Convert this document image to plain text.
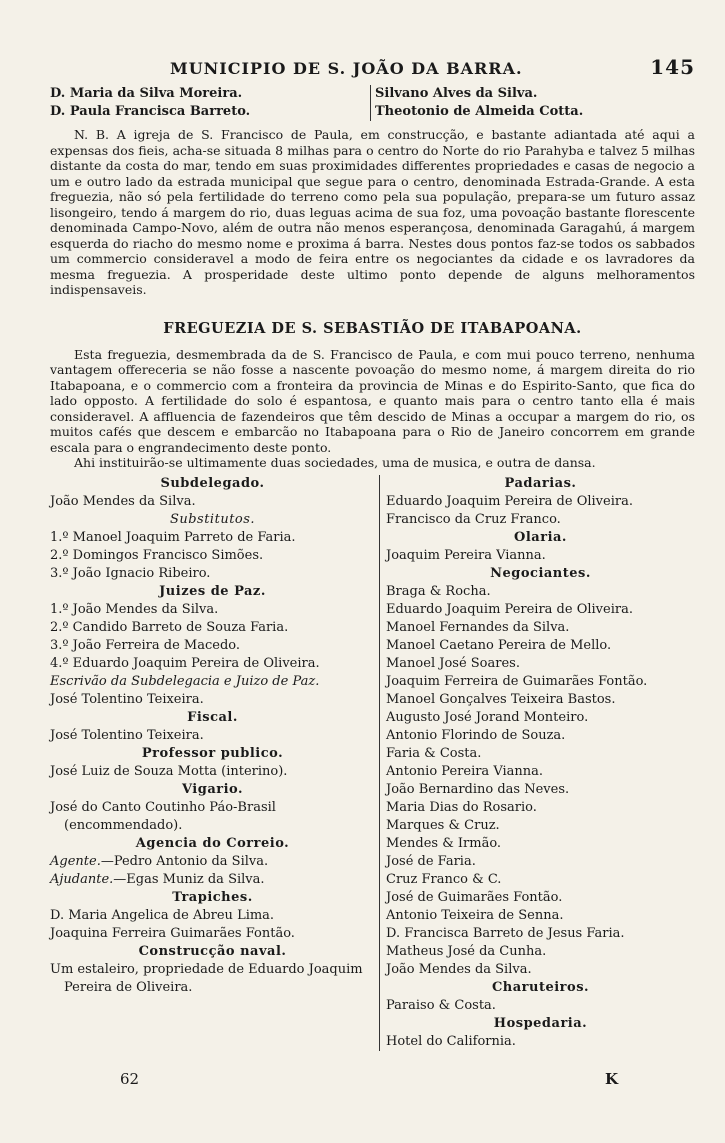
MUNICIPIO DE S. JOÃO DA BARRA.	145
D. Maria da Silva Moreira.
D. Paula Francisca Barreto.
Silvano Alves da Silva.
Theotonio de Almeida Cotta.

N. B. A igreja de S. Francisco de Paula, em construcção, e bastante adiantada até aqui a expensas dos fieis, acha-se situada 8 milhas para o centro do Norte do rio Parahyba e talvez 5 milhas distante da costa do mar, tendo em suas proximidades differentes propriedades e casas de negocio a um e outro lado da estrada municipal que segue para o centro, denominada Estrada-Grande. A esta freguezia, não só pela fertilidade do terreno como pela sua população, prepara-se um futuro assaz lisongeiro, tendo á margem do rio, duas leguas acima de sua foz, uma povoação bastante florescente denominada Campo-Novo, além de outra não menos esperançosa, denominada Garagahú, á margem esquerda do riacho do mesmo nome e proxima á barra. Nestes dous pontos faz-se todos os sabbados um commercio consideravel a modo de feira entre os negociantes da cidade e os lavradores da mesma freguezia. A prosperidade deste ultimo ponto depende de alguns melhoramentos indispensaveis.

FREGUEZIA DE S. SEBASTIÃO DE ITABAPOANA.

Esta freguezia, desmembrada da de S. Francisco de Paula, e com mui pouco terreno, nenhuma vantagem offereceria se não fosse a nascente povoação do mesmo nome, á margem direita do rio Itabapoana, e o commercio com a fronteira da provincia de Minas e do Espirito-Santo, que fica do lado opposto. A fertilidade do solo é espantosa, e quanto mais para o centro tanto ella é mais consideravel. A affluencia de fazendeiros que têm descido de Minas a occupar a margem do rio, os muitos cafés que descem e embarcão no Itabapoana para o Rio de Janeiro concorrem em grande escala para o engrandecimento deste ponto.

Ahi instituirão-se ultimamente duas sociedades, uma de musica, e outra de dansa.

Subdelegado.
João Mendes da Silva.
Substitutos.
1.º Manoel Joaquim Parreto de Faria.
2.º Domingos Francisco Simões.
3.º João Ignacio Ribeiro.
Juizes de Paz.
1.º João Mendes da Silva.
2.º Candido Barreto de Souza Faria.
3.º João Ferreira de Macedo.
4.º Eduardo Joaquim Pereira de Oliveira.
Escrivão da Subdelegacia e Juizo de Paz.
José Tolentino Teixeira.
Fiscal.
José Tolentino Teixeira.
Professor publico.
José Luiz de Souza Motta (interino).
Vigario.
José do Canto Coutinho Páo-Brasil (encommendado).
Agencia do Correio.
Agente.—Pedro Antonio da Silva.
Ajudante.—Egas Muniz da Silva.
Trapiches.
D. Maria Angelica de Abreu Lima.
Joaquina Ferreira Guimarães Fontão.
Construcção naval.
Um estaleiro, propriedade de Eduardo Joaquim Pereira de Oliveira.
Padarias.
Eduardo Joaquim Pereira de Oliveira.
Francisco da Cruz Franco.
Olaria.
Joaquim Pereira Vianna.
Negociantes.
Braga & Rocha.
Eduardo Joaquim Pereira de Oliveira.
Manoel Fernandes da Silva.
Manoel Caetano Pereira de Mello.
Manoel José Soares.
Joaquim Ferreira de Guimarães Fontão.
Manoel Gonçalves Teixeira Bastos.
Augusto José Jorand Monteiro.
Antonio Florindo de Souza.
Faria & Costa.
Antonio Pereira Vianna.
João Bernardino das Neves.
Maria Dias do Rosario.
Marques & Cruz.
Mendes & Irmão.
José de Faria.
Cruz Franco & C.
José de Guimarães Fontão.
Antonio Teixeira de Senna.
D. Francisca Barreto de Jesus Faria.
Matheus José da Cunha.
João Mendes da Silva.
Charuteiros.
Paraiso & Costa.
Hospedaria.
Hotel do California.
62	K
